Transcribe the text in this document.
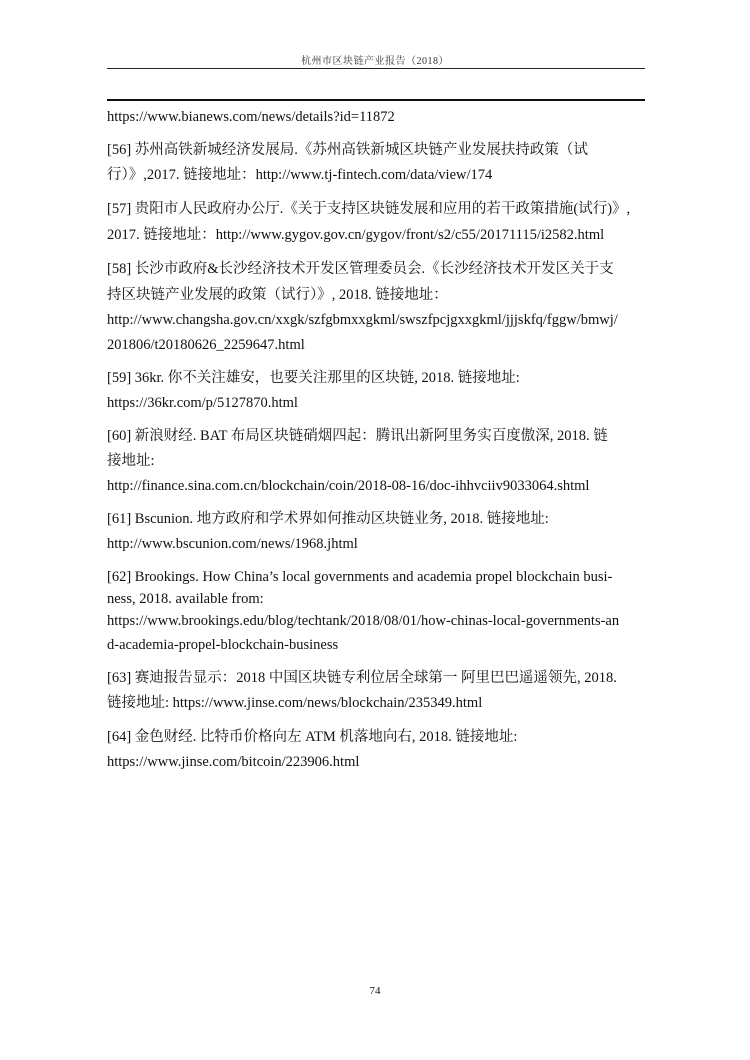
杭州市区块链产业报告（2018）
https://www.bianews.com/news/details?id=11872
[56] 苏州高铁新城经济发展局.《苏州高铁新城区块链产业发展扶持政策（试
行）》,2017. 链接地址：http://www.tj-fintech.com/data/view/174
[57] 贵阳市人民政府办公厅.《关于支持区块链发展和应用的若干政策措施(试行)》,
2017. 链接地址：http://www.gygov.gov.cn/gygov/front/s2/c55/20171115/i2582.html
[58] 长沙市政府&长沙经济技术开发区管理委员会.《长沙经济技术开发区关于支
持区块链产业发展的政策（试行）》, 2018. 链接地址：
http://www.changsha.gov.cn/xxgk/szfgbmxxgkml/swszfpcjgxxgkml/jjjskfq/fggw/bmwj/
201806/t20180626_2259647.html
[59] 36kr. 你不关注雄安，也要关注那里的区块链, 2018. 链接地址:
https://36kr.com/p/5127870.html
[60] 新浪财经. BAT 布局区块链硝烟四起：腾讯出新阿里务实百度傲深, 2018. 链
接地址:
http://finance.sina.com.cn/blockchain/coin/2018-08-16/doc-ihhvciiv9033064.shtml
[61] Bscunion. 地方政府和学术界如何推动区块链业务, 2018. 链接地址:
http://www.bscunion.com/news/1968.jhtml
[62] Brookings. How China’s local governments and academia propel blockchain busi-
ness, 2018. available from:
https://www.brookings.edu/blog/techtank/2018/08/01/how-chinas-local-governments-an
d-academia-propel-blockchain-business
[63] 赛迪报告显示：2018 中国区块链专利位居全球第一 阿里巴巴遥遥领先, 2018.
链接地址: https://www.jinse.com/news/blockchain/235349.html
[64] 金色财经. 比特币价格向左 ATM 机落地向右, 2018. 链接地址:
https://www.jinse.com/bitcoin/223906.html
74
